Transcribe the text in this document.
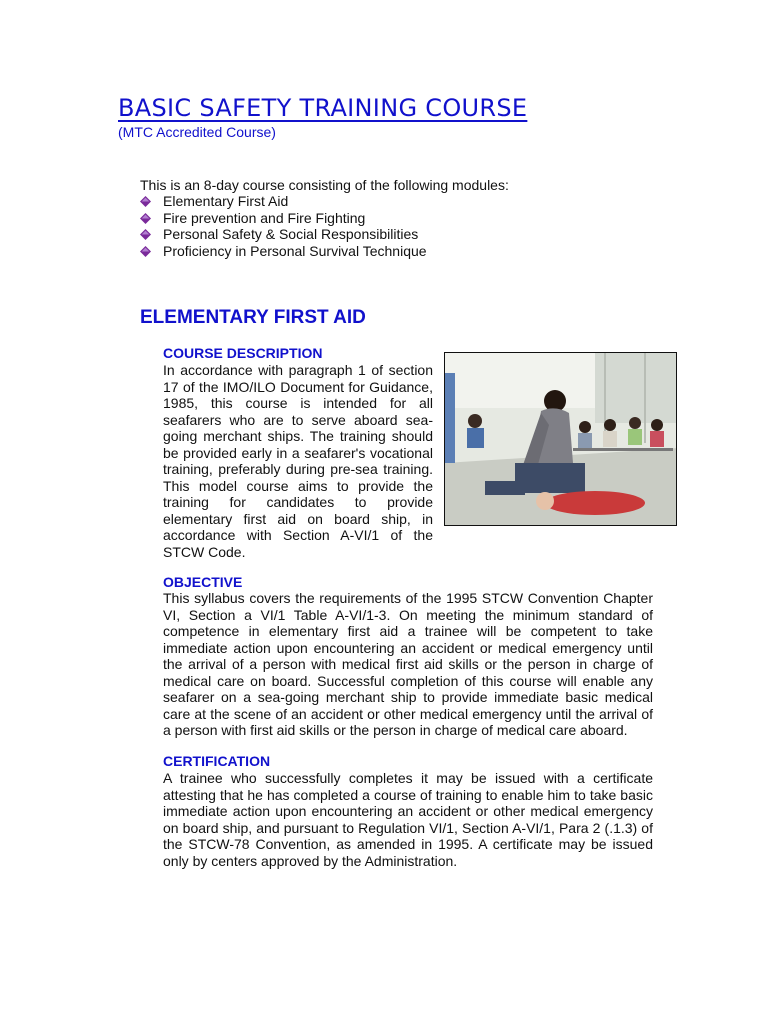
BASIC SAFETY TRAINING COURSE
(MTC Accredited Course)
This is an 8-day course consisting of the following modules:
Elementary First Aid
Fire prevention and Fire Fighting
Personal Safety & Social Responsibilities
Proficiency in Personal Survival Technique
ELEMENTARY FIRST AID
COURSE DESCRIPTION

In accordance with paragraph 1 of section 17 of the IMO/ILO Document for Guidance, 1985, this course is intended for all seafarers who are to serve aboard sea-going merchant ships. The training should be provided early in a seafarer's vocational training, preferably during pre-sea training. This model course aims to provide the training for candidates to provide elementary first aid on board ship, in accordance with Section A-VI/1 of the STCW Code.

OBJECTIVE

This syllabus covers the requirements of the 1995 STCW Convention Chapter VI, Section a VI/1 Table A-VI/1-3. On meeting the minimum standard of competence in elementary first aid a trainee will be competent to take immediate action upon encountering an accident or medical emergency until the arrival of a person with medical first aid skills or the person in charge of medical care on board. Successful completion of this course will enable any seafarer on a sea-going merchant ship to provide immediate basic medical care at the scene of an accident or other medical emergency until the arrival of a person with first aid skills or the person in charge of medical care aboard.

CERTIFICATION

A trainee who successfully completes it may be issued with a certificate attesting that he has completed a course of training to enable him to take basic immediate action upon encountering an accident or other medical emergency on board ship, and pursuant to Regulation VI/1, Section A-VI/1, Para 2 (.1.3) of the STCW-78 Convention, as amended in 1995. A certificate may be issued only by centers approved by the Administration.
